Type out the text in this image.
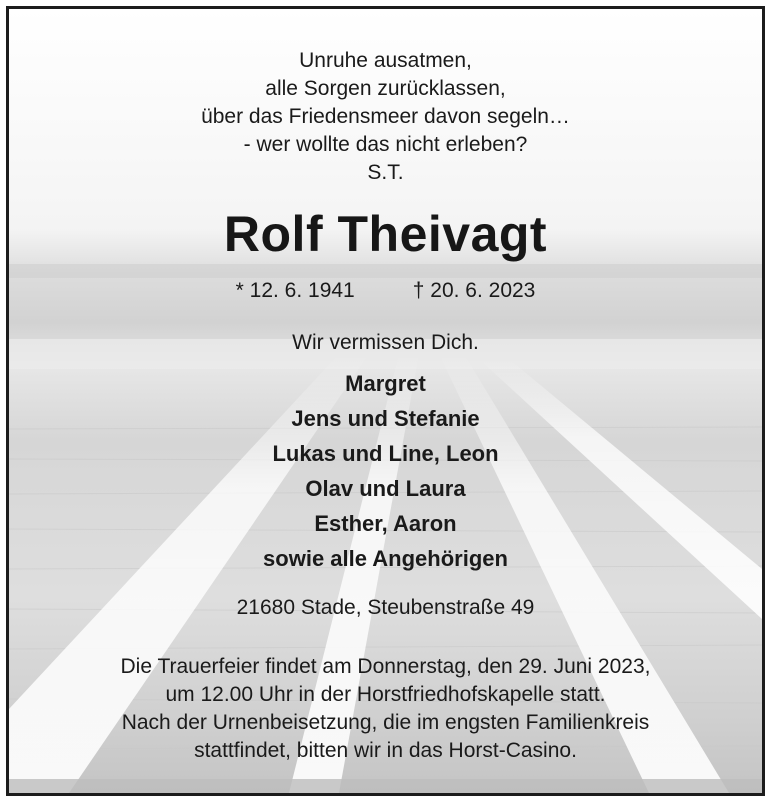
Unruhe ausatmen,
alle Sorgen zurücklassen,
über das Friedensmeer davon segeln…
- wer wollte das nicht erleben?
S.T.
Rolf Theivagt
* 12. 6. 1941	† 20. 6. 2023
Wir vermissen Dich.
Margret
Jens und Stefanie
Lukas und Line, Leon
Olav und Laura
Esther, Aaron
sowie alle Angehörigen
21680 Stade, Steubenstraße 49
Die Trauerfeier findet am Donnerstag, den 29. Juni 2023,
um 12.00 Uhr in der Horstfriedhofskapelle statt.
Nach der Urnenbeisetzung, die im engsten Familienkreis
stattfindet, bitten wir in das Horst-Casino.
